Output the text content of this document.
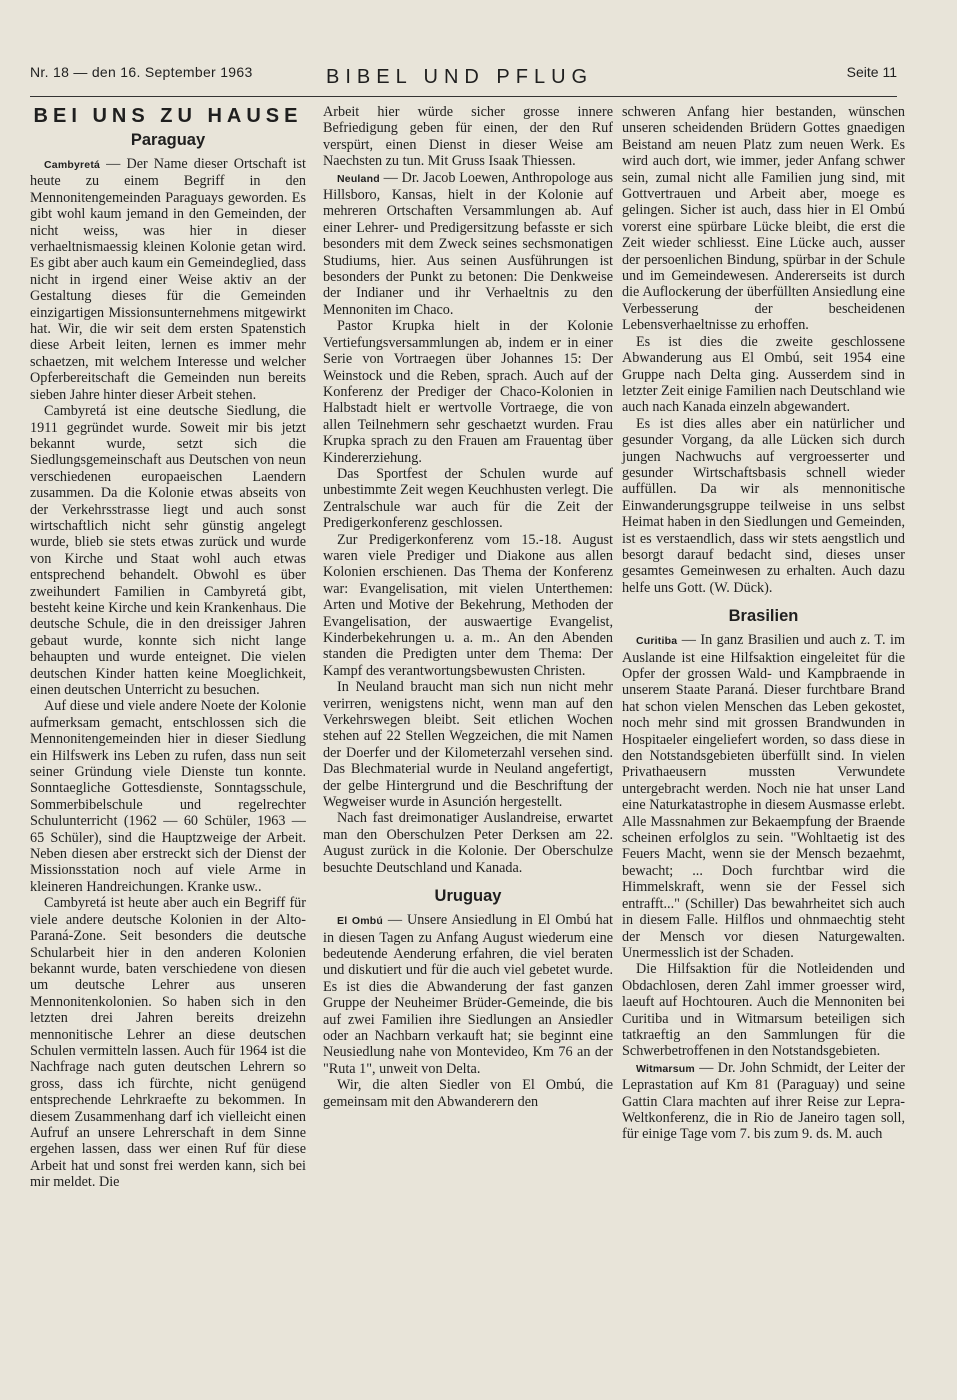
Nr. 18 — den 16. September 1963	BIBEL UND PFLUG	Seite 11
BEI UNS ZU HAUSE
Paraguay

Cambyretá — Der Name dieser Ortschaft ist heute zu einem Begriff in den Mennonitengemeinden Paraguays geworden. Es gibt wohl kaum jemand in den Gemeinden, der nicht weiss, was hier in dieser verhaeltnismaessig kleinen Kolonie getan wird. Es gibt aber auch kaum ein Gemeindeglied, dass nicht in irgend einer Weise aktiv an der Gestaltung dieses für die Gemeinden einzigartigen Missionsunternehmens mitgewirkt hat. Wir, die wir seit dem ersten Spatenstich diese Arbeit leiten, lernen es immer mehr schaetzen, mit welchem Interesse und welcher Opferbereitschaft die Gemeinden nun bereits sieben Jahre hinter dieser Arbeit stehen.

Cambyretá ist eine deutsche Siedlung, die 1911 gegründet wurde. Soweit mir bis jetzt bekannt wurde, setzt sich die Siedlungsgemeinschaft aus Deutschen von neun verschiedenen europaeischen Laendern zusammen. Da die Kolonie etwas abseits von der Verkehrsstrasse liegt und auch sonst wirtschaftlich nicht sehr günstig angelegt wurde, blieb sie stets etwas zurück und wurde von Kirche und Staat wohl auch etwas entsprechend behandelt. Obwohl es über zweihundert Familien in Cambyretá gibt, besteht keine Kirche und kein Krankenhaus. Die deutsche Schule, die in den dreissiger Jahren gebaut wurde, konnte sich nicht lange behaupten und wurde enteignet. Die vielen deutschen Kinder hatten keine Moeglichkeit, einen deutschen Unterricht zu besuchen.

Auf diese und viele andere Noete der Kolonie aufmerksam gemacht, entschlossen sich die Mennonitengemeinden hier in dieser Siedlung ein Hilfswerk ins Leben zu rufen, dass nun seit seiner Gründung viele Dienste tun konnte. Sonntaegliche Gottesdienste, Sonntagsschule, Sommerbibelschule und regelrechter Schulunterricht (1962 — 60 Schüler, 1963 — 65 Schüler), sind die Hauptzweige der Arbeit. Neben diesen aber erstreckt sich der Dienst der Missionsstation noch auf viele Arme in kleineren Handreichungen. Kranke usw..

Cambyretá ist heute aber auch ein Begriff für viele andere deutsche Kolonien in der Alto-Paraná-Zone. Seit besonders die deutsche Schularbeit hier in den anderen Kolonien bekannt wurde, baten verschiedene von diesen um deutsche Lehrer aus unseren Mennonitenkolonien. So haben sich in den letzten drei Jahren bereits dreizehn mennonitische Lehrer an diese deutschen Schulen vermitteln lassen. Auch für 1964 ist die Nachfrage nach guten deutschen Lehrern so gross, dass ich fürchte, nicht genügend entsprechende Lehrkraefte zu bekommen. In diesem Zusammenhang darf ich vielleicht einen Aufruf an unsere Lehrerschaft in dem Sinne ergehen lassen, dass wer einen Ruf für diese Arbeit hat und sonst frei werden kann, sich bei mir meldet. Die

Arbeit hier würde sicher grosse innere Befriedigung geben für einen, der den Ruf verspürt, einen Dienst in dieser Weise am Naechsten zu tun. Mit Gruss Isaak Thiessen.

Neuland — Dr. Jacob Loewen, Anthropologe aus Hillsboro, Kansas, hielt in der Kolonie auf mehreren Ortschaften Versammlungen ab. Auf einer Lehrer- und Predigersitzung befasste er sich besonders mit dem Zweck seines sechsmonatigen Studiums, hier. Aus seinen Ausführungen ist besonders der Punkt zu betonen: Die Denkweise der Indianer und ihr Verhaeltnis zu den Mennoniten im Chaco.

Pastor Krupka hielt in der Kolonie Vertiefungsversammlungen ab, indem er in einer Serie von Vortraegen über Johannes 15: Der Weinstock und die Reben, sprach. Auch auf der Konferenz der Prediger der Chaco-Kolonien in Halbstadt hielt er wertvolle Vortraege, die von allen Teilnehmern sehr geschaetzt wurden. Frau Krupka sprach zu den Frauen am Frauentag über Kindererziehung.

Das Sportfest der Schulen wurde auf unbestimmte Zeit wegen Keuchhusten verlegt. Die Zentralschule war auch für die Zeit der Predigerkonferenz geschlossen.

Zur Predigerkonferenz vom 15.-18. August waren viele Prediger und Diakone aus allen Kolonien erschienen. Das Thema der Konferenz war: Evangelisation, mit vielen Unterthemen: Arten und Motive der Bekehrung, Methoden der Evangelisation, der auswaertige Evangelist, Kinderbekehrungen u. a. m.. An den Abenden standen die Predigten unter dem Thema: Der Kampf des verantwortungsbewusten Christen.

In Neuland braucht man sich nun nicht mehr verirren, wenigstens nicht, wenn man auf den Verkehrswegen bleibt. Seit etlichen Wochen stehen auf 22 Stellen Wegzeichen, die mit Namen der Doerfer und der Kilometerzahl versehen sind. Das Blechmaterial wurde in Neuland angefertigt, der gelbe Hintergrund und die Beschriftung der Wegweiser wurde in Asunción hergestellt.

Nach fast dreimonatiger Auslandreise, erwartet man den Oberschulzen Peter Derksen am 22. August zurück in die Kolonie. Der Oberschulze besuchte Deutschland und Kanada.

Uruguay

El Ombú — Unsere Ansiedlung in El Ombú hat in diesen Tagen zu Anfang August wiederum eine bedeutende Aenderung erfahren, die viel beraten und diskutiert und für die auch viel gebetet wurde. Es ist dies die Abwanderung der fast ganzen Gruppe der Neuheimer Brüder-Gemeinde, die bis auf zwei Familien ihre Siedlungen an Ansiedler oder an Nachbarn verkauft hat; sie beginnt eine Neusiedlung nahe von Montevideo, Km 76 an der "Ruta 1", unweit von Delta.

Wir, die alten Siedler von El Ombú, die gemeinsam mit den Abwanderern den

schweren Anfang hier bestanden, wünschen unseren scheidenden Brüdern Gottes gnaedigen Beistand am neuen Platz zum neuen Werk. Es wird auch dort, wie immer, jeder Anfang schwer sein, zumal nicht alle Familien jung sind, mit Gottvertrauen und Arbeit aber, moege es gelingen. Sicher ist auch, dass hier in El Ombú vorerst eine spürbare Lücke bleibt, die erst die Zeit wieder schliesst. Eine Lücke auch, ausser der persoenlichen Bindung, spürbar in der Schule und im Gemeindewesen. Andererseits ist durch die Auflockerung der überfüllten Ansiedlung eine Verbesserung der bescheidenen Lebensverhaeltnisse zu erhoffen.

Es ist dies die zweite geschlossene Abwanderung aus El Ombú, seit 1954 eine Gruppe nach Delta ging. Ausserdem sind in letzter Zeit einige Familien nach Deutschland wie auch nach Kanada einzeln abgewandert.

Es ist dies alles aber ein natürlicher und gesunder Vorgang, da alle Lücken sich durch jungen Nachwuchs auf vergroesserter und gesunder Wirtschaftsbasis schnell wieder auffüllen. Da wir als mennonitische Einwanderungsgruppe teilweise in uns selbst Heimat haben in den Siedlungen und Gemeinden, ist es verstaendlich, dass wir stets aengstlich und besorgt darauf bedacht sind, dieses unser gesamtes Gemeinwesen zu erhalten. Auch dazu helfe uns Gott. (W. Dück).

Brasilien

Curitiba — In ganz Brasilien und auch z. T. im Auslande ist eine Hilfsaktion eingeleitet für die Opfer der grossen Wald- und Kampbraende in unserem Staate Paraná. Dieser furchtbare Brand hat schon vielen Menschen das Leben gekostet, noch mehr sind mit grossen Brandwunden in Hospitaeler eingeliefert worden, so dass diese in den Notstandsgebieten überfüllt sind. In vielen Privathaeusern mussten Verwundete untergebracht werden. Noch nie hat unser Land eine Naturkatastrophe in diesem Ausmasse erlebt. Alle Massnahmen zur Bekaempfung der Braende scheinen erfolglos zu sein. "Wohltaetig ist des Feuers Macht, wenn sie der Mensch bezaehmt, bewacht; ... Doch furchtbar wird die Himmelskraft, wenn sie der Fessel sich entrafft..." (Schiller) Das bewahrheitet sich auch in diesem Falle. Hilflos und ohnmaechtig steht der Mensch vor diesen Naturgewalten. Unermesslich ist der Schaden.

Die Hilfsaktion für die Notleidenden und Obdachlosen, deren Zahl immer groesser wird, laeuft auf Hochtouren. Auch die Mennoniten bei Curitiba und in Witmarsum beteiligen sich tatkraeftig an den Sammlungen für die Schwerbetroffenen in den Notstandsgebieten.

Witmarsum — Dr. John Schmidt, der Leiter der Leprastation auf Km 81 (Paraguay) und seine Gattin Clara machten auf ihrer Reise zur Lepra-Weltkonferenz, die in Rio de Janeiro tagen soll, für einige Tage vom 7. bis zum 9. ds. M. auch
